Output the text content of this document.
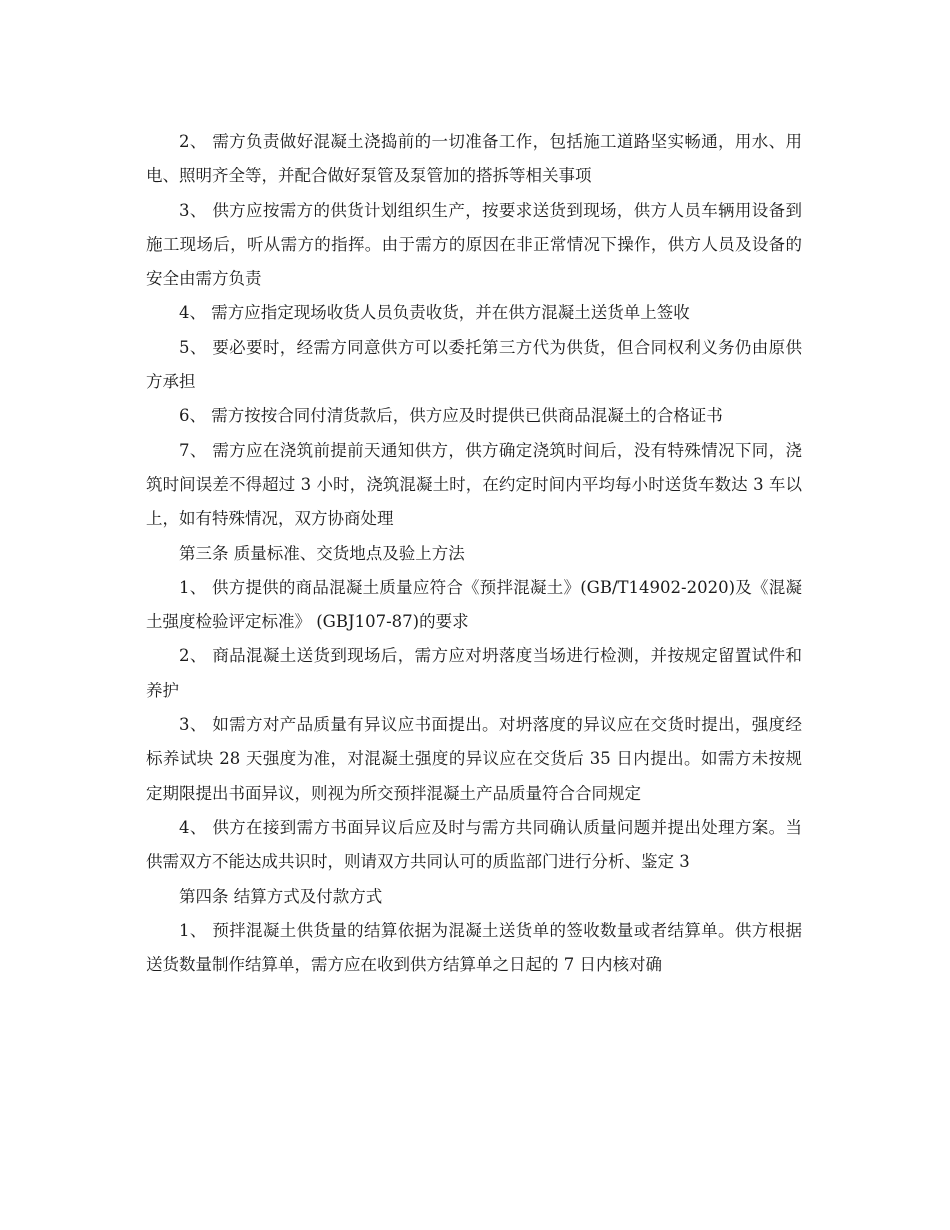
2、 需方负责做好混凝土浇捣前的一切准备工作，包括施工道路坚实畅通，用水、用电、照明齐全等，并配合做好泵管及泵管加的搭拆等相关事项

3、 供方应按需方的供货计划组织生产，按要求送货到现场，供方人员车辆用设备到施工现场后，听从需方的指挥。由于需方的原因在非正常情况下操作，供方人员及设备的安全由需方负责

4、 需方应指定现场收货人员负责收货，并在供方混凝土送货单上签收

5、 要必要时，经需方同意供方可以委托第三方代为供货，但合同权利义务仍由原供方承担

6、 需方按按合同付清货款后，供方应及时提供已供商品混凝土的合格证书

7、 需方应在浇筑前提前天通知供方，供方确定浇筑时间后，没有特殊情况下同，浇筑时间误差不得超过 3 小时，浇筑混凝土时，在约定时间内平均每小时送货车数达 3 车以上，如有特殊情况，双方协商处理

第三条 质量标准、交货地点及验上方法

1、 供方提供的商品混凝土质量应符合《预拌混凝土》(GB/T14902-2020)及《混凝土强度检验评定标准》 (GBJ107-87)的要求

2、 商品混凝土送货到现场后，需方应对坍落度当场进行检测，并按规定留置试件和养护

3、 如需方对产品质量有异议应书面提出。对坍落度的异议应在交货时提出，强度经标养试块 28 天强度为准，对混凝土强度的异议应在交货后 35 日内提出。如需方未按规定期限提出书面异议，则视为所交预拌混凝土产品质量符合合同规定

4、 供方在接到需方书面异议后应及时与需方共同确认质量问题并提出处理方案。当供需双方不能达成共识时，则请双方共同认可的质监部门进行分析、鉴定 3

第四条 结算方式及付款方式

1、 预拌混凝土供货量的结算依据为混凝土送货单的签收数量或者结算单。供方根据送货数量制作结算单，需方应在收到供方结算单之日起的 7 日内核对确
